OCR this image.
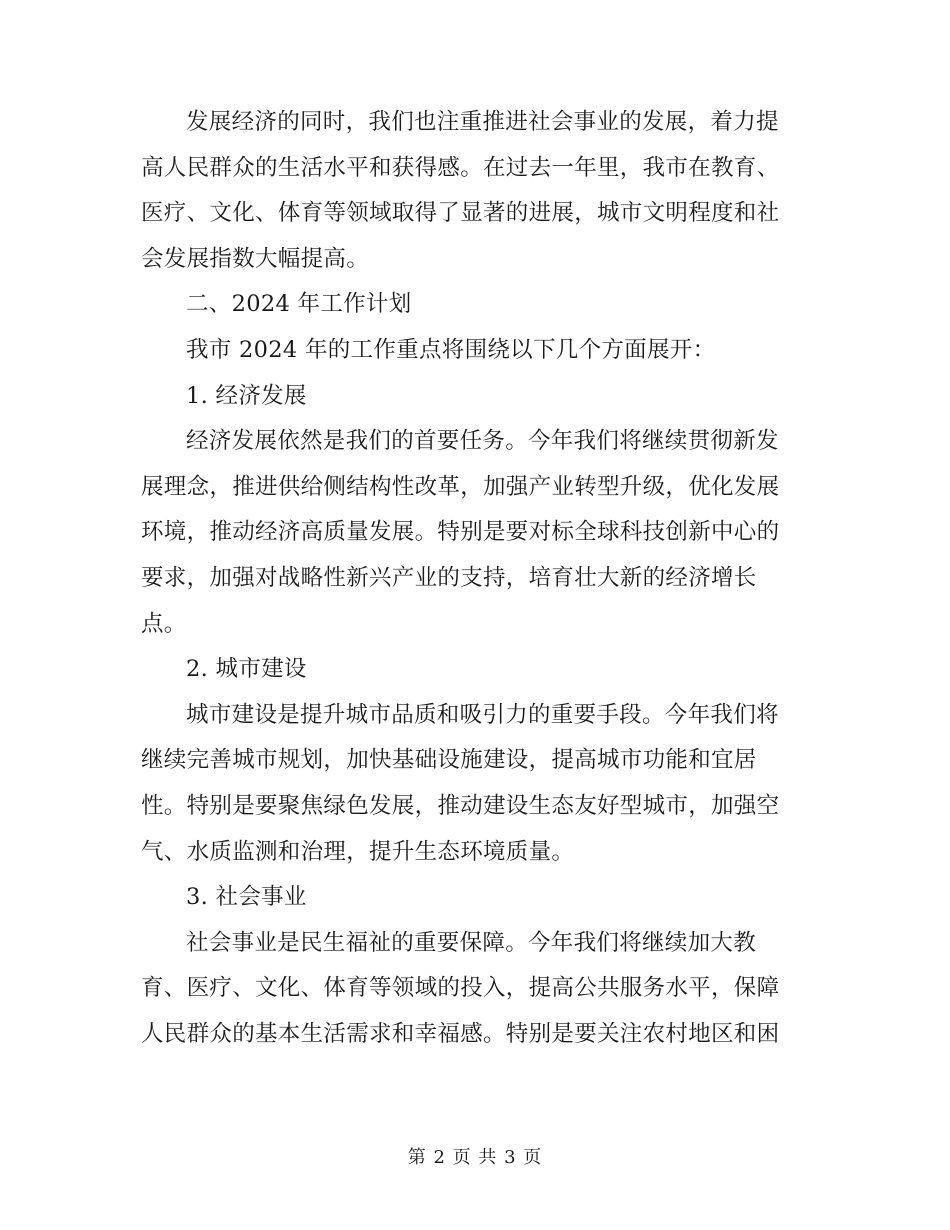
发展经济的同时，我们也注重推进社会事业的发展，着力提
高人民群众的生活水平和获得感。在过去一年里，我市在教育、
医疗、文化、体育等领域取得了显著的进展，城市文明程度和社
会发展指数大幅提高。
二、2024 年工作计划
我市 2024 年的工作重点将围绕以下几个方面展开：
1. 经济发展
经济发展依然是我们的首要任务。今年我们将继续贯彻新发
展理念，推进供给侧结构性改革，加强产业转型升级，优化发展
环境，推动经济高质量发展。特别是要对标全球科技创新中心的
要求，加强对战略性新兴产业的支持，培育壮大新的经济增长
点。
2. 城市建设
城市建设是提升城市品质和吸引力的重要手段。今年我们将
继续完善城市规划，加快基础设施建设，提高城市功能和宜居
性。特别是要聚焦绿色发展，推动建设生态友好型城市，加强空
气、水质监测和治理，提升生态环境质量。
3. 社会事业
社会事业是民生福祉的重要保障。今年我们将继续加大教
育、医疗、文化、体育等领域的投入，提高公共服务水平，保障
人民群众的基本生活需求和幸福感。特别是要关注农村地区和困
第 2 页 共 3 页
